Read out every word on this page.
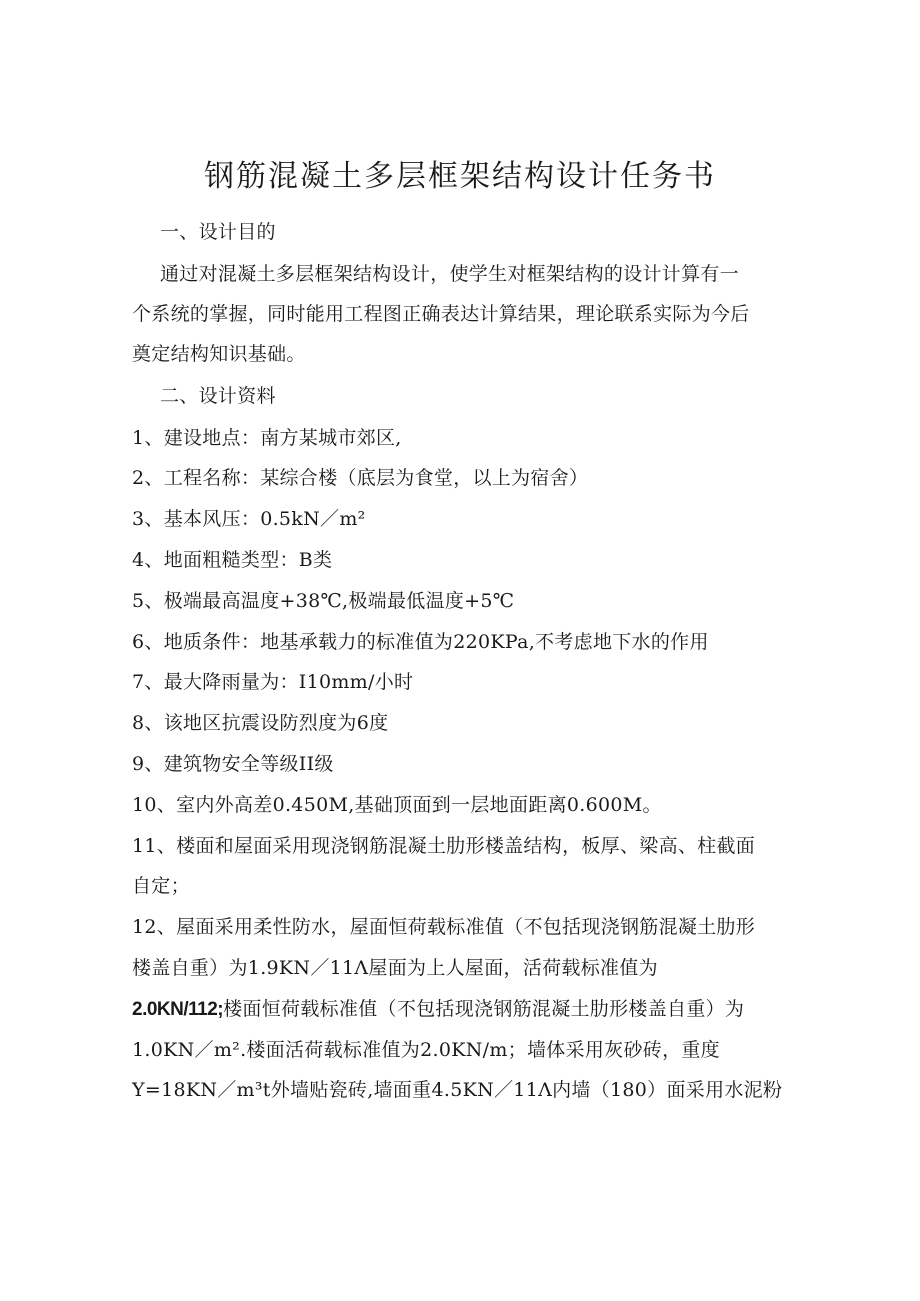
钢筋混凝土多层框架结构设计任务书
一、设计目的
通过对混凝土多层框架结构设计，使学生对框架结构的设计计算有一
个系统的掌握，同时能用工程图正确表达计算结果，理论联系实际为今后
奠定结构知识基础。
二、设计资料
1、建设地点：南方某城市郊区,
2、工程名称：某综合楼（底层为食堂，以上为宿舍）
3、基本风压：0.5kN／m²
4、地面粗糙类型：B类
5、极端最高温度+38℃,极端最低温度+5℃
6、地质条件：地基承载力的标准值为220KPa,不考虑地下水的作用
7、最大降雨量为：I10mm/小时
8、该地区抗震设防烈度为6度
9、建筑物安全等级II级
10、室内外高差0.450M,基础顶面到一层地面距离0.600M。
11、楼面和屋面采用现浇钢筋混凝土肋形楼盖结构，板厚、梁高、柱截面
自定；
12、屋面采用柔性防水，屋面恒荷载标准值（不包括现浇钢筋混凝土肋形
楼盖自重）为1.9KN／11Λ屋面为上人屋面，活荷载标准值为
2.0KN/112;楼面恒荷载标准值（不包括现浇钢筋混凝土肋形楼盖自重）为
1.0KN／m².楼面活荷载标准值为2.0KN/m；墙体采用灰砂砖，重度
Y=18KN／m³t外墙贴瓷砖,墙面重4.5KN／11Λ内墙（180）面采用水泥粉
